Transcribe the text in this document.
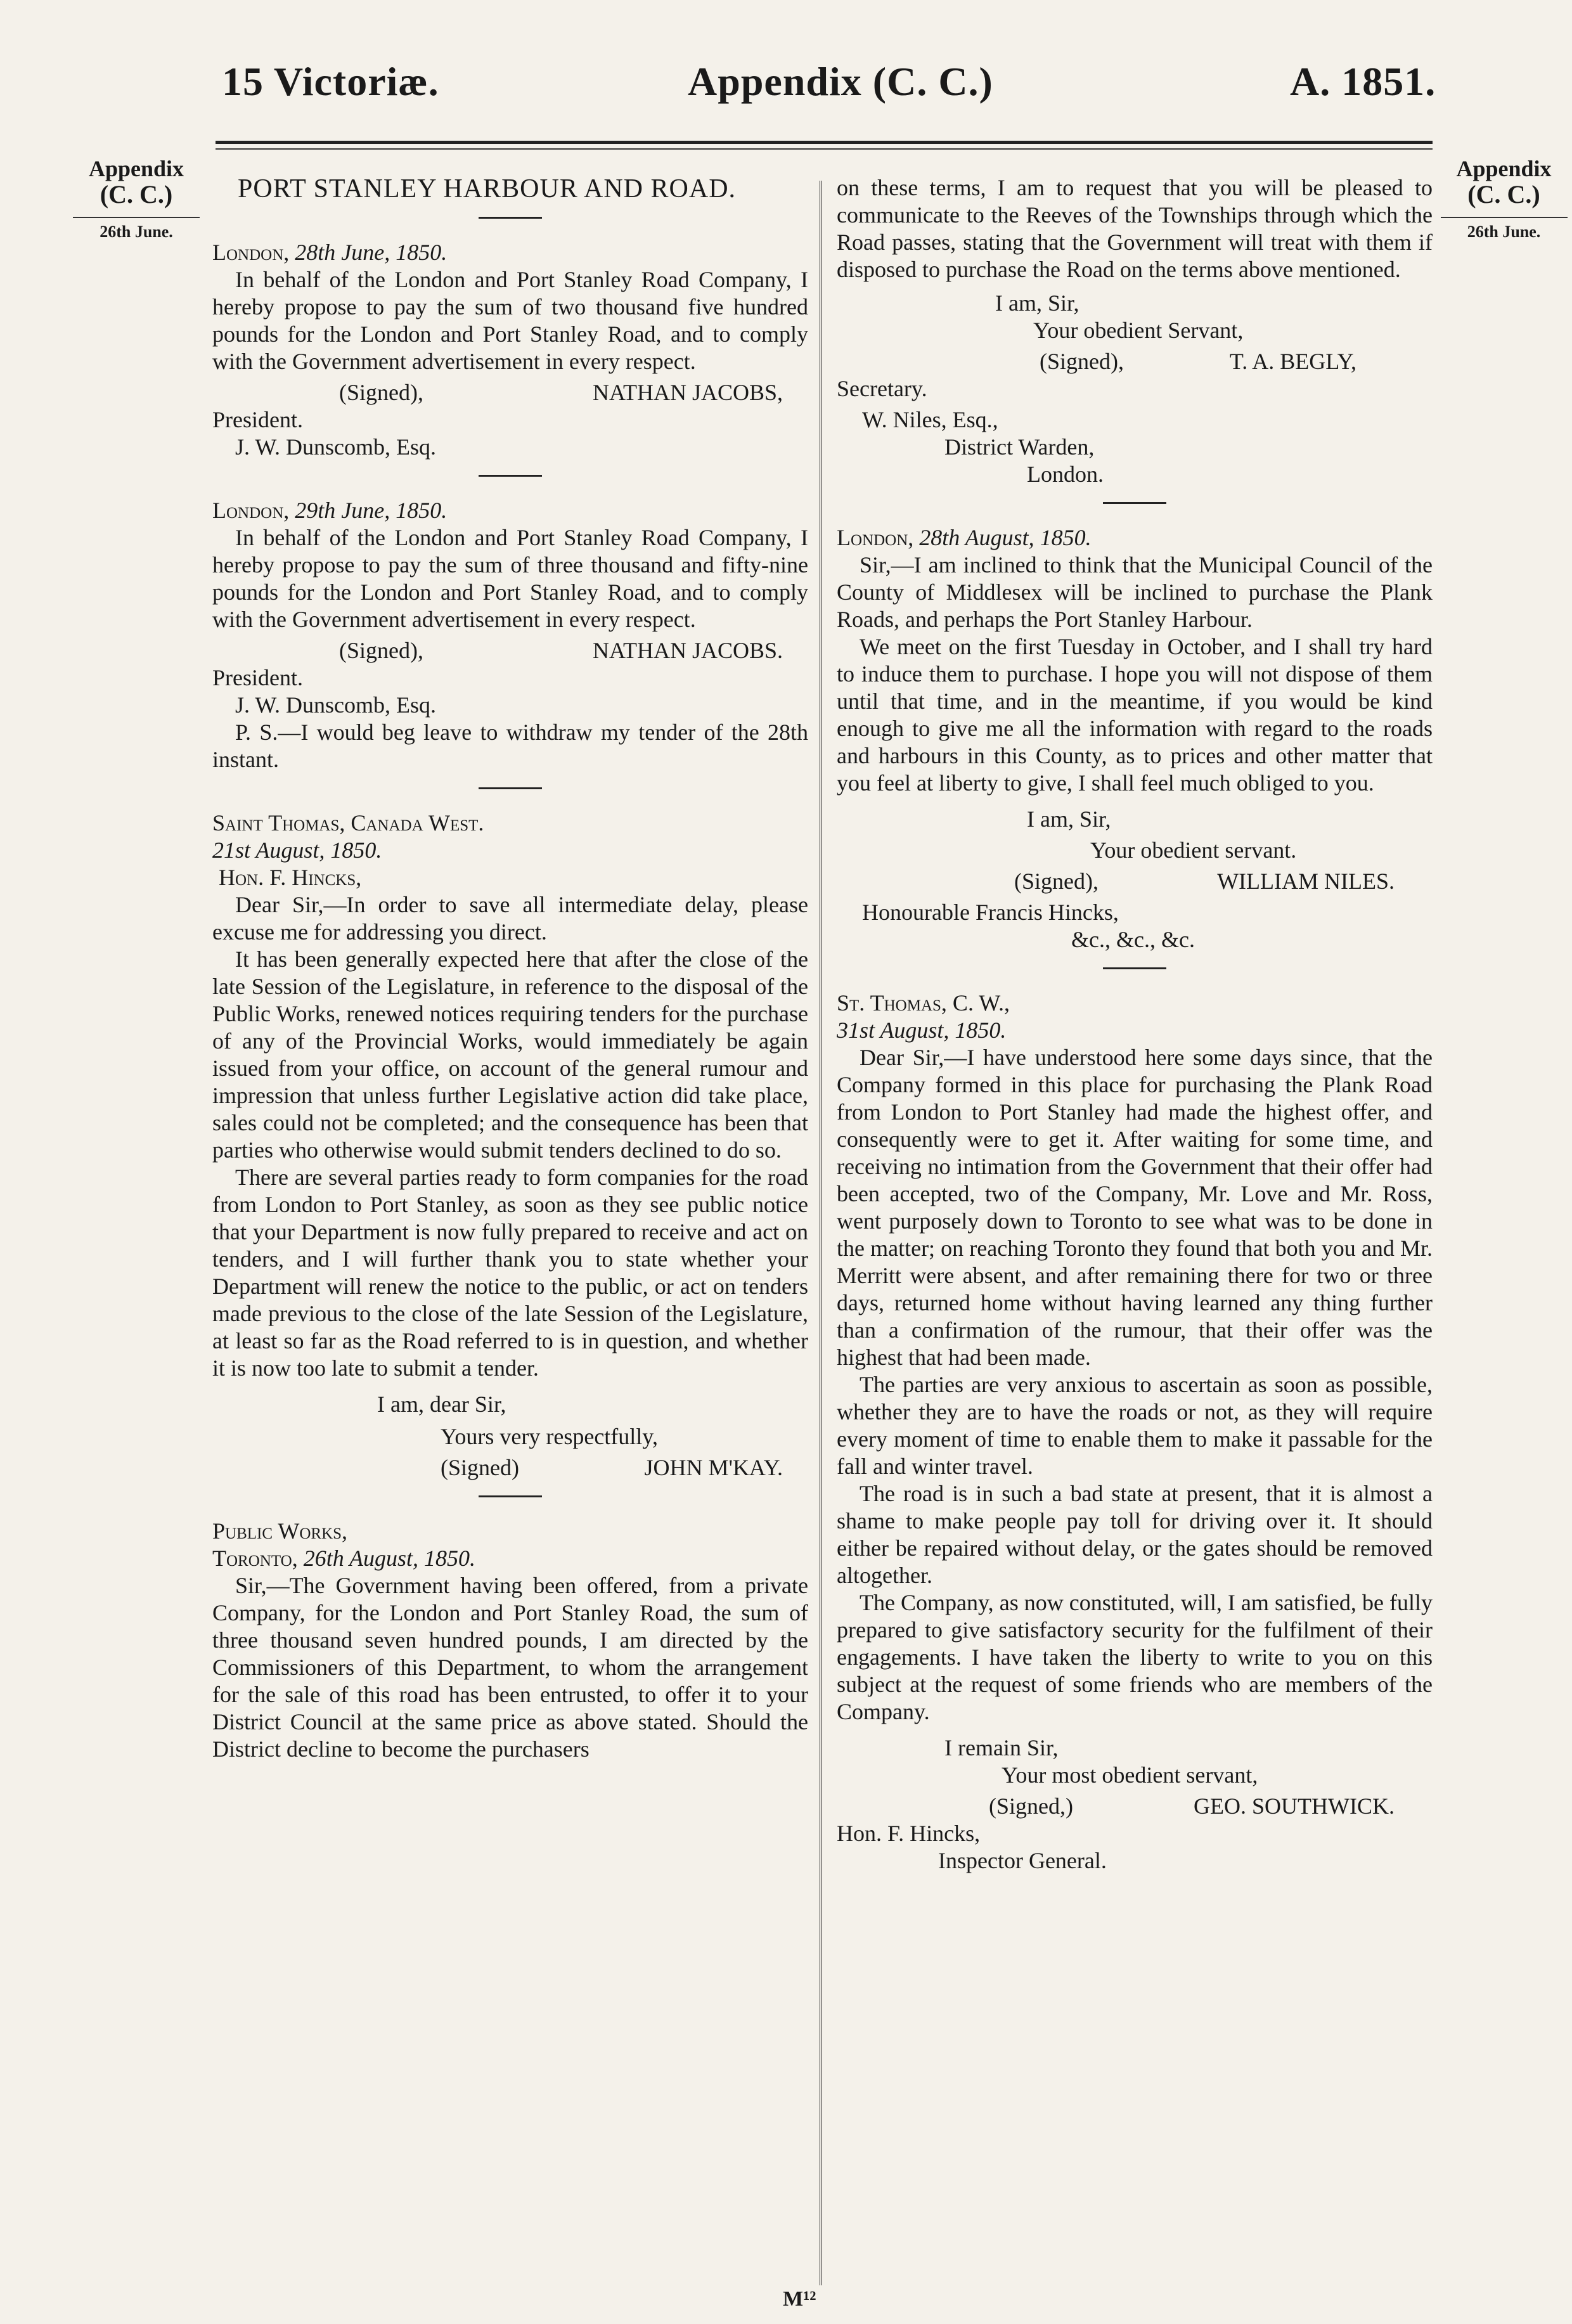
15 Victoriæ.	Appendix (C. C.)	A. 1851.
Appendix
(C. C.)
26th June.
Appendix
(C. C.)
26th June.
PORT STANLEY HARBOUR AND ROAD.

London, 28th June, 1850.

In behalf of the London and Port Stanley Road Company, I hereby propose to pay the sum of two thousand five hundred pounds for the London and Port Stanley Road, and to comply with the Government advertisement in every respect.

(Signed),	NATHAN JACOBS,

President.

J. W. Dunscomb, Esq.

London, 29th June, 1850.

In behalf of the London and Port Stanley Road Company, I hereby propose to pay the sum of three thousand and fifty-nine pounds for the London and Port Stanley Road, and to comply with the Government advertisement in every respect.

(Signed),	NATHAN JACOBS.

President.

J. W. Dunscomb, Esq.

P. S.—I would beg leave to withdraw my tender of the 28th instant.

Saint Thomas, Canada West.

21st August, 1850.

Hon. F. Hincks,

Dear Sir,—In order to save all intermediate delay, please excuse me for addressing you direct.

It has been generally expected here that after the close of the late Session of the Legislature, in reference to the disposal of the Public Works, renewed notices requiring tenders for the purchase of any of the Provincial Works, would immediately be again issued from your office, on account of the general rumour and impression that unless further Legislative action did take place, sales could not be completed; and the consequence has been that parties who otherwise would submit tenders declined to do so.

There are several parties ready to form companies for the road from London to Port Stanley, as soon as they see public notice that your Department is now fully prepared to receive and act on tenders, and I will further thank you to state whether your Department will renew the notice to the public, or act on tenders made previous to the close of the late Session of the Legislature, at least so far as the Road referred to is in question, and whether it is now too late to submit a tender.

I am, dear Sir,

Yours very respectfully,

(Signed)	JOHN M'KAY.

Public Works,

Toronto, 26th August, 1850.

Sir,—The Government having been offered, from a private Company, for the London and Port Stanley Road, the sum of three thousand seven hundred pounds, I am directed by the Commissioners of this Department, to whom the arrangement for the sale of this road has been entrusted, to offer it to your District Council at the same price as above stated. Should the District decline to become the purchasers

on these terms, I am to request that you will be pleased to communicate to the Reeves of the Townships through which the Road passes, stating that the Government will treat with them if disposed to purchase the Road on the terms above mentioned.

I am, Sir,

Your obedient Servant,

(Signed),	T. A. BEGLY,

Secretary.

W. Niles, Esq.,

District Warden,

London.

London, 28th August, 1850.

Sir,—I am inclined to think that the Municipal Council of the County of Middlesex will be inclined to purchase the Plank Roads, and perhaps the Port Stanley Harbour.

We meet on the first Tuesday in October, and I shall try hard to induce them to purchase. I hope you will not dispose of them until that time, and in the meantime, if you would be kind enough to give me all the information with regard to the roads and harbours in this County, as to prices and other matter that you feel at liberty to give, I shall feel much obliged to you.

I am, Sir,

Your obedient servant.

(Signed),	WILLIAM NILES.

Honourable Francis Hincks,

&c., &c., &c.

St. Thomas, C. W.,

31st August, 1850.

Dear Sir,—I have understood here some days since, that the Company formed in this place for purchasing the Plank Road from London to Port Stanley had made the highest offer, and consequently were to get it. After waiting for some time, and receiving no intimation from the Government that their offer had been accepted, two of the Company, Mr. Love and Mr. Ross, went purposely down to Toronto to see what was to be done in the matter; on reaching Toronto they found that both you and Mr. Merritt were absent, and after remaining there for two or three days, returned home without having learned any thing further than a confirmation of the rumour, that their offer was the highest that had been made.

The parties are very anxious to ascertain as soon as possible, whether they are to have the roads or not, as they will require every moment of time to enable them to make it passable for the fall and winter travel.

The road is in such a bad state at present, that it is almost a shame to make people pay toll for driving over it. It should either be repaired without delay, or the gates should be removed altogether.

The Company, as now constituted, will, I am satisfied, be fully prepared to give satisfactory security for the fulfilment of their engagements. I have taken the liberty to write to you on this subject at the request of some friends who are members of the Company.

I remain Sir,

Your most obedient servant,

(Signed,)	GEO. SOUTHWICK.

Hon. F. Hincks,

Inspector General.

M¹²
